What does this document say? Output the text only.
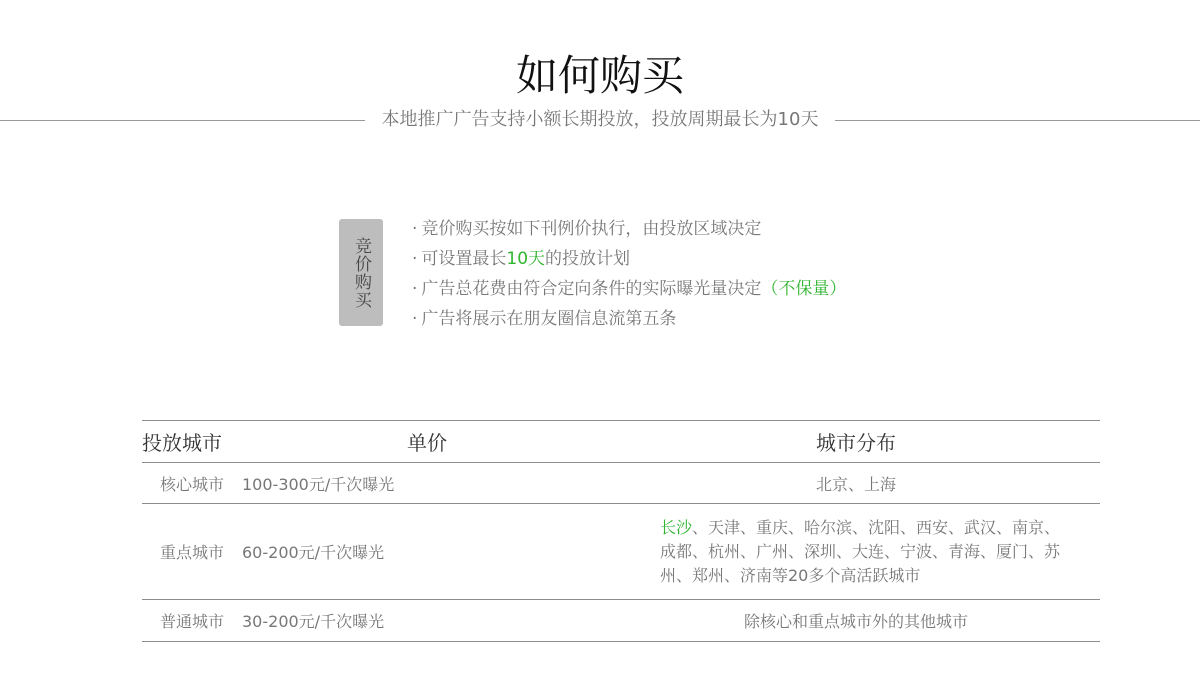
如何购买
本地推广广告支持小额长期投放，投放周期最长为10天
竞价购买
· 竞价购买按如下刊例价执行，由投放区域决定
· 可设置最长10天的投放计划
· 广告总花费由符合定向条件的实际曝光量决定（不保量）
· 广告将展示在朋友圈信息流第五条
投放城市	单价	城市分布
核心城市	100-300元/千次曝光	北京、上海
重点城市	60-200元/千次曝光	长沙、天津、重庆、哈尔滨、沈阳、西安、武汉、南京、成都、杭州、广州、深圳、大连、宁波、青海、厦门、苏州、郑州、济南等20多个高活跃城市

普通城市	30-200元/千次曝光	除核心和重点城市外的其他城市
